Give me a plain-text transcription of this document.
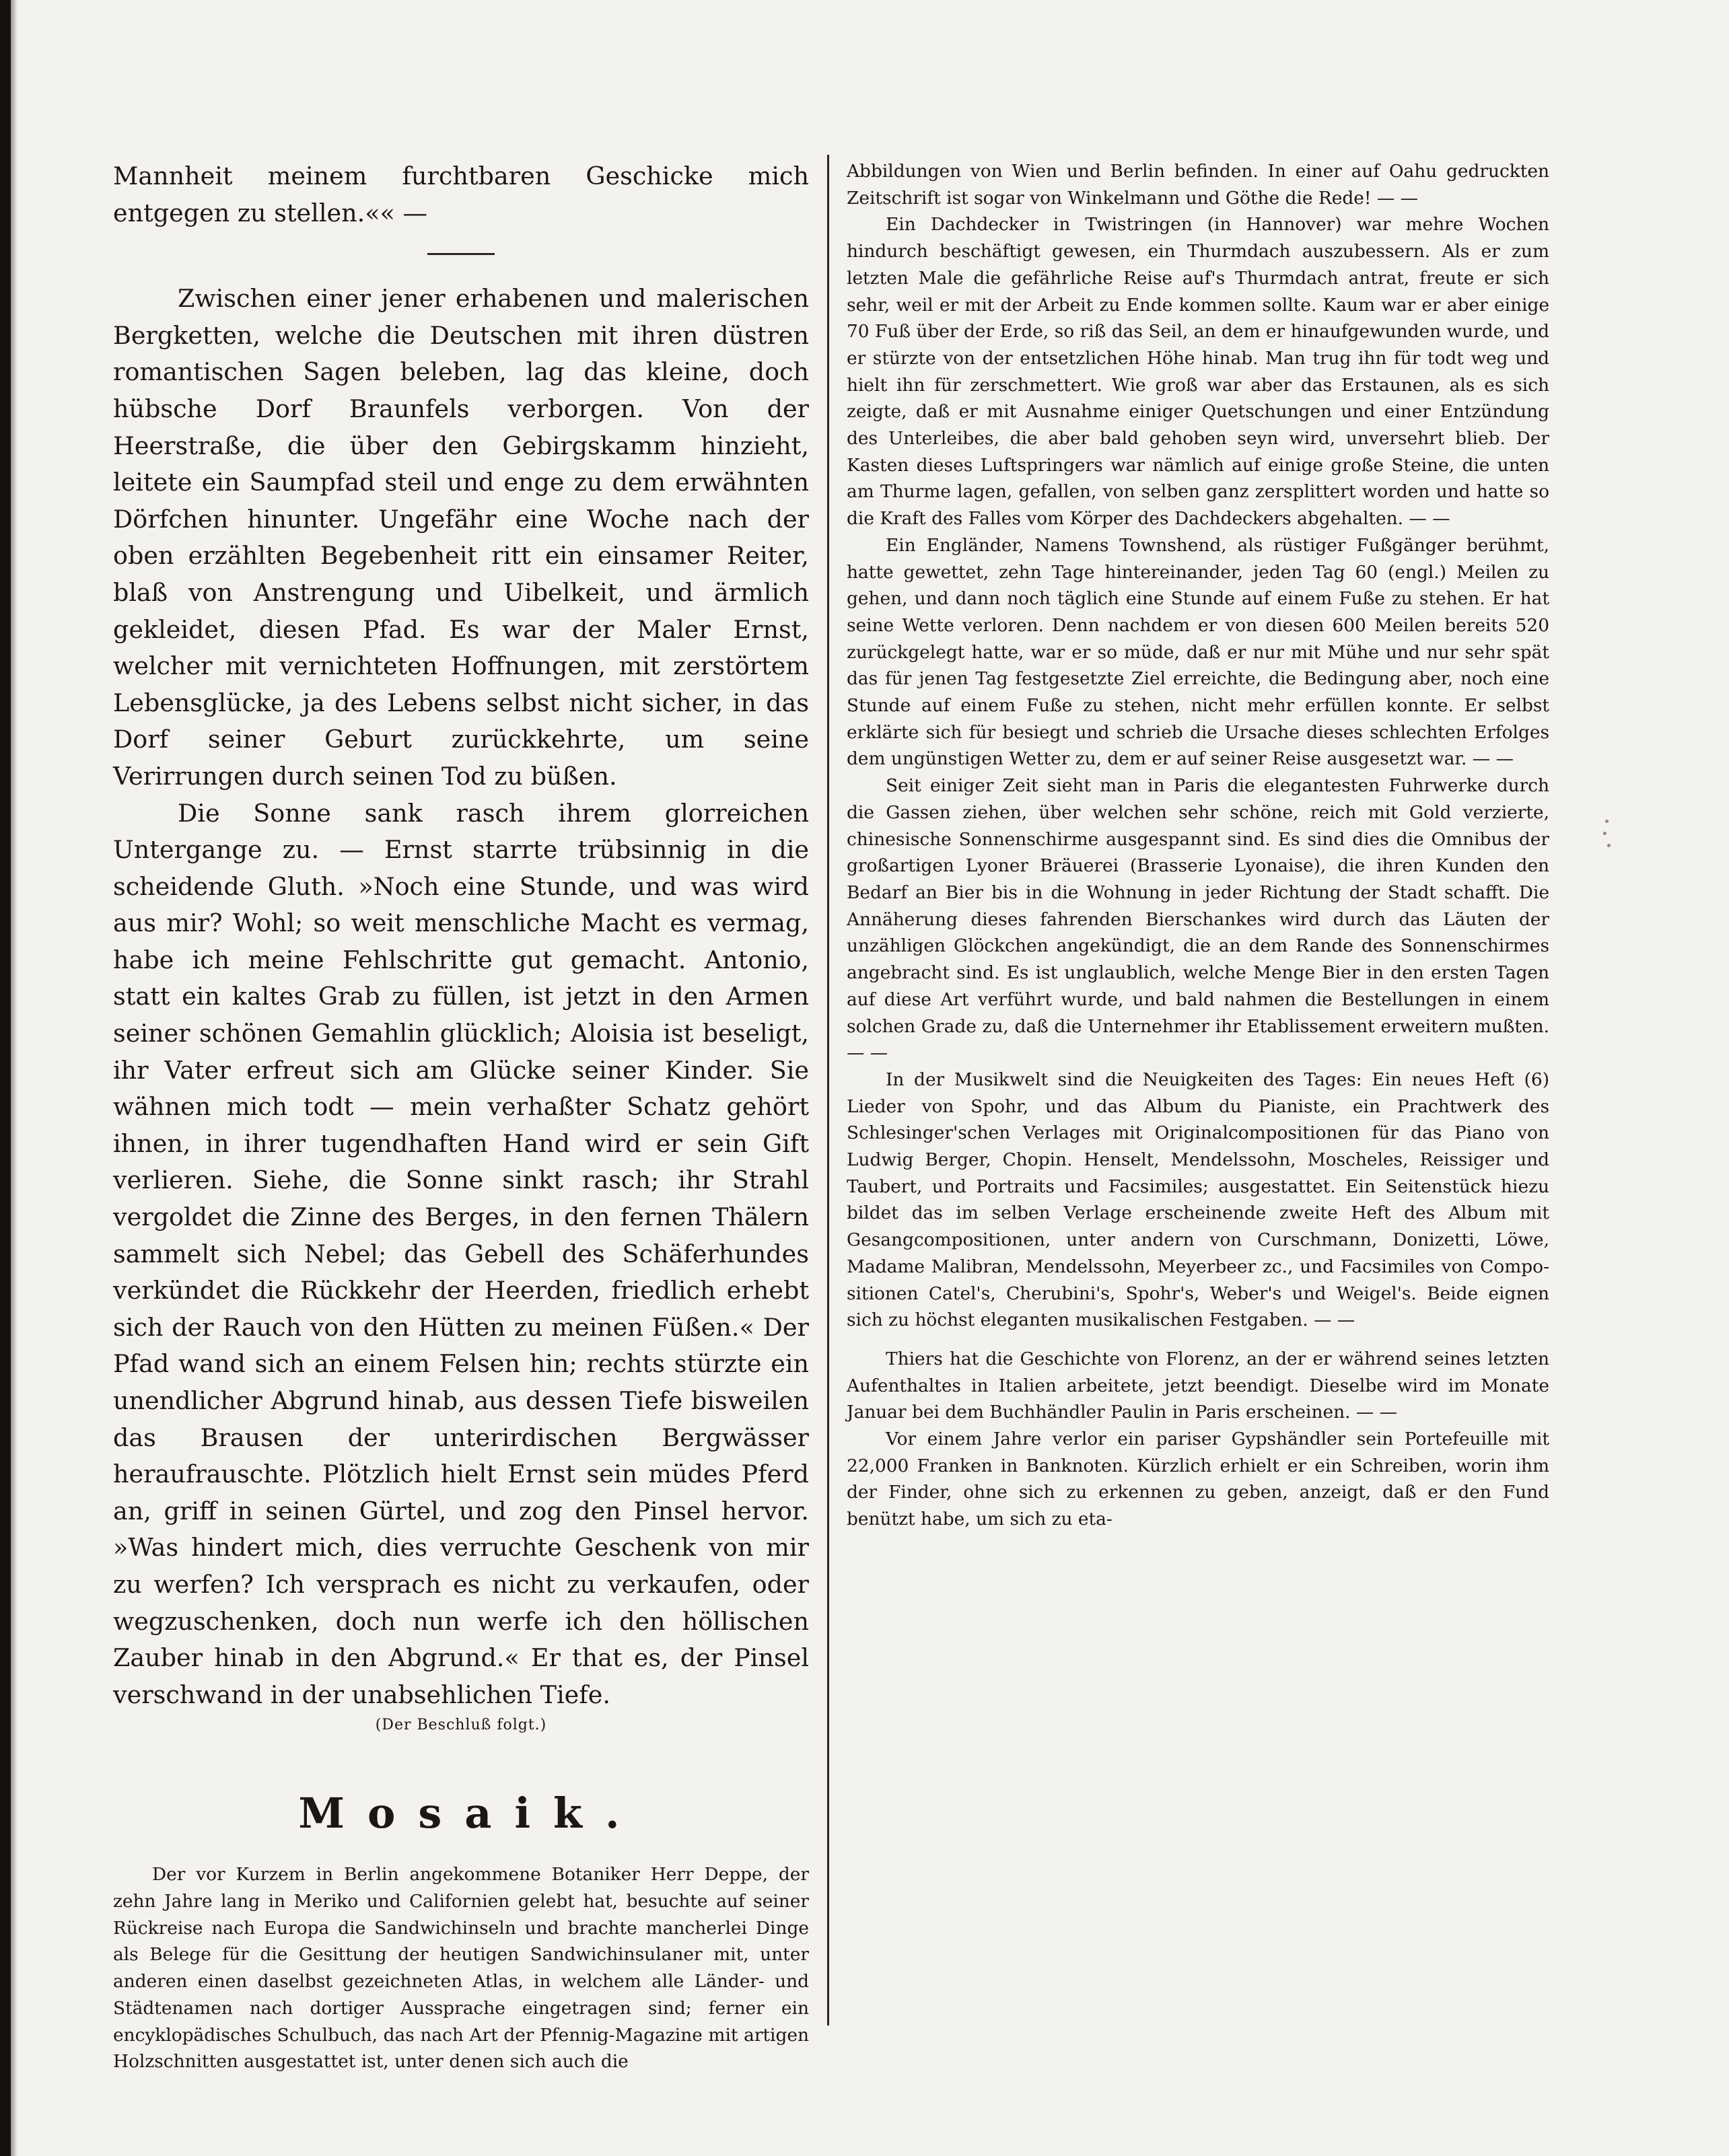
Mannheit meinem furchtbaren Geschicke mich entgegen zu stellen.«« —

Zwischen einer jener erhabenen und malerischen Bergketten, welche die Deutschen mit ihren düstren romantischen Sagen beleben, lag das kleine, doch hübsche Dorf Braunfels verborgen. Von der Heerstraße, die über den Gebirgskamm hinzieht, leitete ein Saumpfad steil und enge zu dem erwähnten Dörfchen hinunter. Ungefähr eine Woche nach der oben erzählten Begebenheit ritt ein einsamer Reiter, blaß von Anstrengung und Uibelkeit, und ärmlich gekleidet, diesen Pfad. Es war der Maler Ernst, welcher mit vernichteten Hoffnungen, mit zerstörtem Lebensglücke, ja des Lebens selbst nicht sicher, in das Dorf seiner Geburt zurückkehrte, um seine Verirrungen durch seinen Tod zu büßen.

Die Sonne sank rasch ihrem glorreichen Untergange zu. — Ernst starrte trübsinnig in die scheidende Gluth. »Noch eine Stunde, und was wird aus mir? Wohl; so weit menschliche Macht es vermag, habe ich meine Fehlschritte gut gemacht. Antonio, statt ein kaltes Grab zu füllen, ist jetzt in den Armen seiner schönen Gemahlin glücklich; Aloisia ist beseligt, ihr Vater erfreut sich am Glücke seiner Kinder. Sie wähnen mich todt — mein verhaßter Schatz gehört ihnen, in ihrer tugendhaften Hand wird er sein Gift verlieren. Siehe, die Sonne sinkt rasch; ihr Strahl vergoldet die Zinne des Berges, in den fernen Thälern sammelt sich Nebel; das Gebell des Schäferhundes verkündet die Rückkehr der Heerden, friedlich erhebt sich der Rauch von den Hütten zu meinen Füßen.« Der Pfad wand sich an einem Felsen hin; rechts stürzte ein unendlicher Abgrund hinab, aus dessen Tiefe bisweilen das Brausen der unterirdischen Bergwässer heraufrauschte. Plötzlich hielt Ernst sein müdes Pferd an, griff in seinen Gürtel, und zog den Pinsel hervor. »Was hindert mich, dies verruchte Geschenk von mir zu werfen? Ich versprach es nicht zu verkaufen, oder wegzuschenken, doch nun werfe ich den höllischen Zauber hinab in den Abgrund.« Er that es, der Pinsel verschwand in der unabsehlichen Tiefe.

(Der Beschluß folgt.)
Mosaik.

Der vor Kurzem in Berlin angekommene Botaniker Herr Deppe, der zehn Jahre lang in Meriko und Californien gelebt hat, besuchte auf seiner Rückreise nach Europa die Sandwichinseln und brachte mancherlei Dinge als Belege für die Gesittung der heutigen Sandwichinsulaner mit, unter anderen einen daselbst gezeichneten Atlas, in welchem alle Länder- und Städtenamen nach dortiger Aussprache eingetragen sind; ferner ein encyklopädisches Schulbuch, das nach Art der Pfennig-Magazine mit artigen Holzschnitten ausgestattet ist, unter denen sich auch die

Abbildungen von Wien und Berlin befinden. In einer auf Oahu gedruckten Zeitschrift ist sogar von Winkelmann und Göthe die Rede! — —

Ein Dachdecker in Twistringen (in Hannover) war mehre Wochen hindurch beschäftigt gewesen, ein Thurmdach auszubessern. Als er zum letzten Male die gefährliche Reise auf's Thurmdach antrat, freute er sich sehr, weil er mit der Arbeit zu Ende kommen sollte. Kaum war er aber einige 70 Fuß über der Erde, so riß das Seil, an dem er hinaufgewunden wurde, und er stürzte von der entsetzlichen Höhe hinab. Man trug ihn für todt weg und hielt ihn für zerschmettert. Wie groß war aber das Erstaunen, als es sich zeigte, daß er mit Ausnahme einiger Quetschungen und einer Entzündung des Unterleibes, die aber bald gehoben seyn wird, unversehrt blieb. Der Kasten dieses Luftspringers war nämlich auf einige große Steine, die unten am Thurme lagen, gefallen, von selben ganz zersplittert worden und hatte so die Kraft des Falles vom Körper des Dachdeckers abgehalten. — —

Ein Engländer, Namens Townshend, als rüstiger Fußgänger berühmt, hatte gewettet, zehn Tage hintereinander, jeden Tag 60 (engl.) Meilen zu gehen, und dann noch täglich eine Stunde auf einem Fuße zu stehen. Er hat seine Wette verloren. Denn nachdem er von diesen 600 Meilen bereits 520 zurückgelegt hatte, war er so müde, daß er nur mit Mühe und nur sehr spät das für jenen Tag festgesetzte Ziel erreichte, die Bedingung aber, noch eine Stunde auf einem Fuße zu stehen, nicht mehr erfüllen konnte. Er selbst erklärte sich für besiegt und schrieb die Ursache dieses schlechten Erfolges dem ungünstigen Wetter zu, dem er auf seiner Reise ausgesetzt war. — —

Seit einiger Zeit sieht man in Paris die elegantesten Fuhrwerke durch die Gassen ziehen, über welchen sehr schöne, reich mit Gold verzierte, chinesische Sonnenschirme ausgespannt sind. Es sind dies die Omnibus der großartigen Lyoner Bräuerei (Brasserie Lyonaise), die ihren Kunden den Bedarf an Bier bis in die Wohnung in jeder Richtung der Stadt schafft. Die Annäherung dieses fahrenden Bierschankes wird durch das Läuten der unzähligen Glöckchen angekündigt, die an dem Rande des Sonnenschirmes angebracht sind. Es ist unglaublich, welche Menge Bier in den ersten Tagen auf diese Art verführt wurde, und bald nahmen die Bestellungen in einem solchen Grade zu, daß die Unternehmer ihr Etablissement erweitern mußten. — —

In der Musikwelt sind die Neuigkeiten des Tages: Ein neues Heft (6) Lieder von Spohr, und das Album du Pianiste, ein Prachtwerk des Schlesinger'schen Verlages mit Originalcompositionen für das Piano von Ludwig Berger, Chopin. Henselt, Mendelssohn, Moscheles, Reissiger und Taubert, und Portraits und Facsimiles; ausgestattet. Ein Seitenstück hiezu bildet das im selben Verlage erscheinende zweite Heft des Album mit Gesangcompositionen, unter andern von Curschmann, Donizetti, Löwe, Madame Malibran, Mendelssohn, Meyerbeer zc., und Facsimiles von Compositionen Catel's, Cherubini's, Spohr's, Weber's und Weigel's. Beide eignen sich zu höchst eleganten musikalischen Festgaben. — —

Thiers hat die Geschichte von Florenz, an der er während seines letzten Aufenthaltes in Italien arbeitete, jetzt beendigt. Dieselbe wird im Monate Januar bei dem Buchhändler Paulin in Paris erscheinen. — —

Vor einem Jahre verlor ein pariser Gypshändler sein Portefeuille mit 22,000 Franken in Banknoten. Kürzlich erhielt er ein Schreiben, worin ihm der Finder, ohne sich zu erkennen zu geben, anzeigt, daß er den Fund benützt habe, um sich zu eta-
